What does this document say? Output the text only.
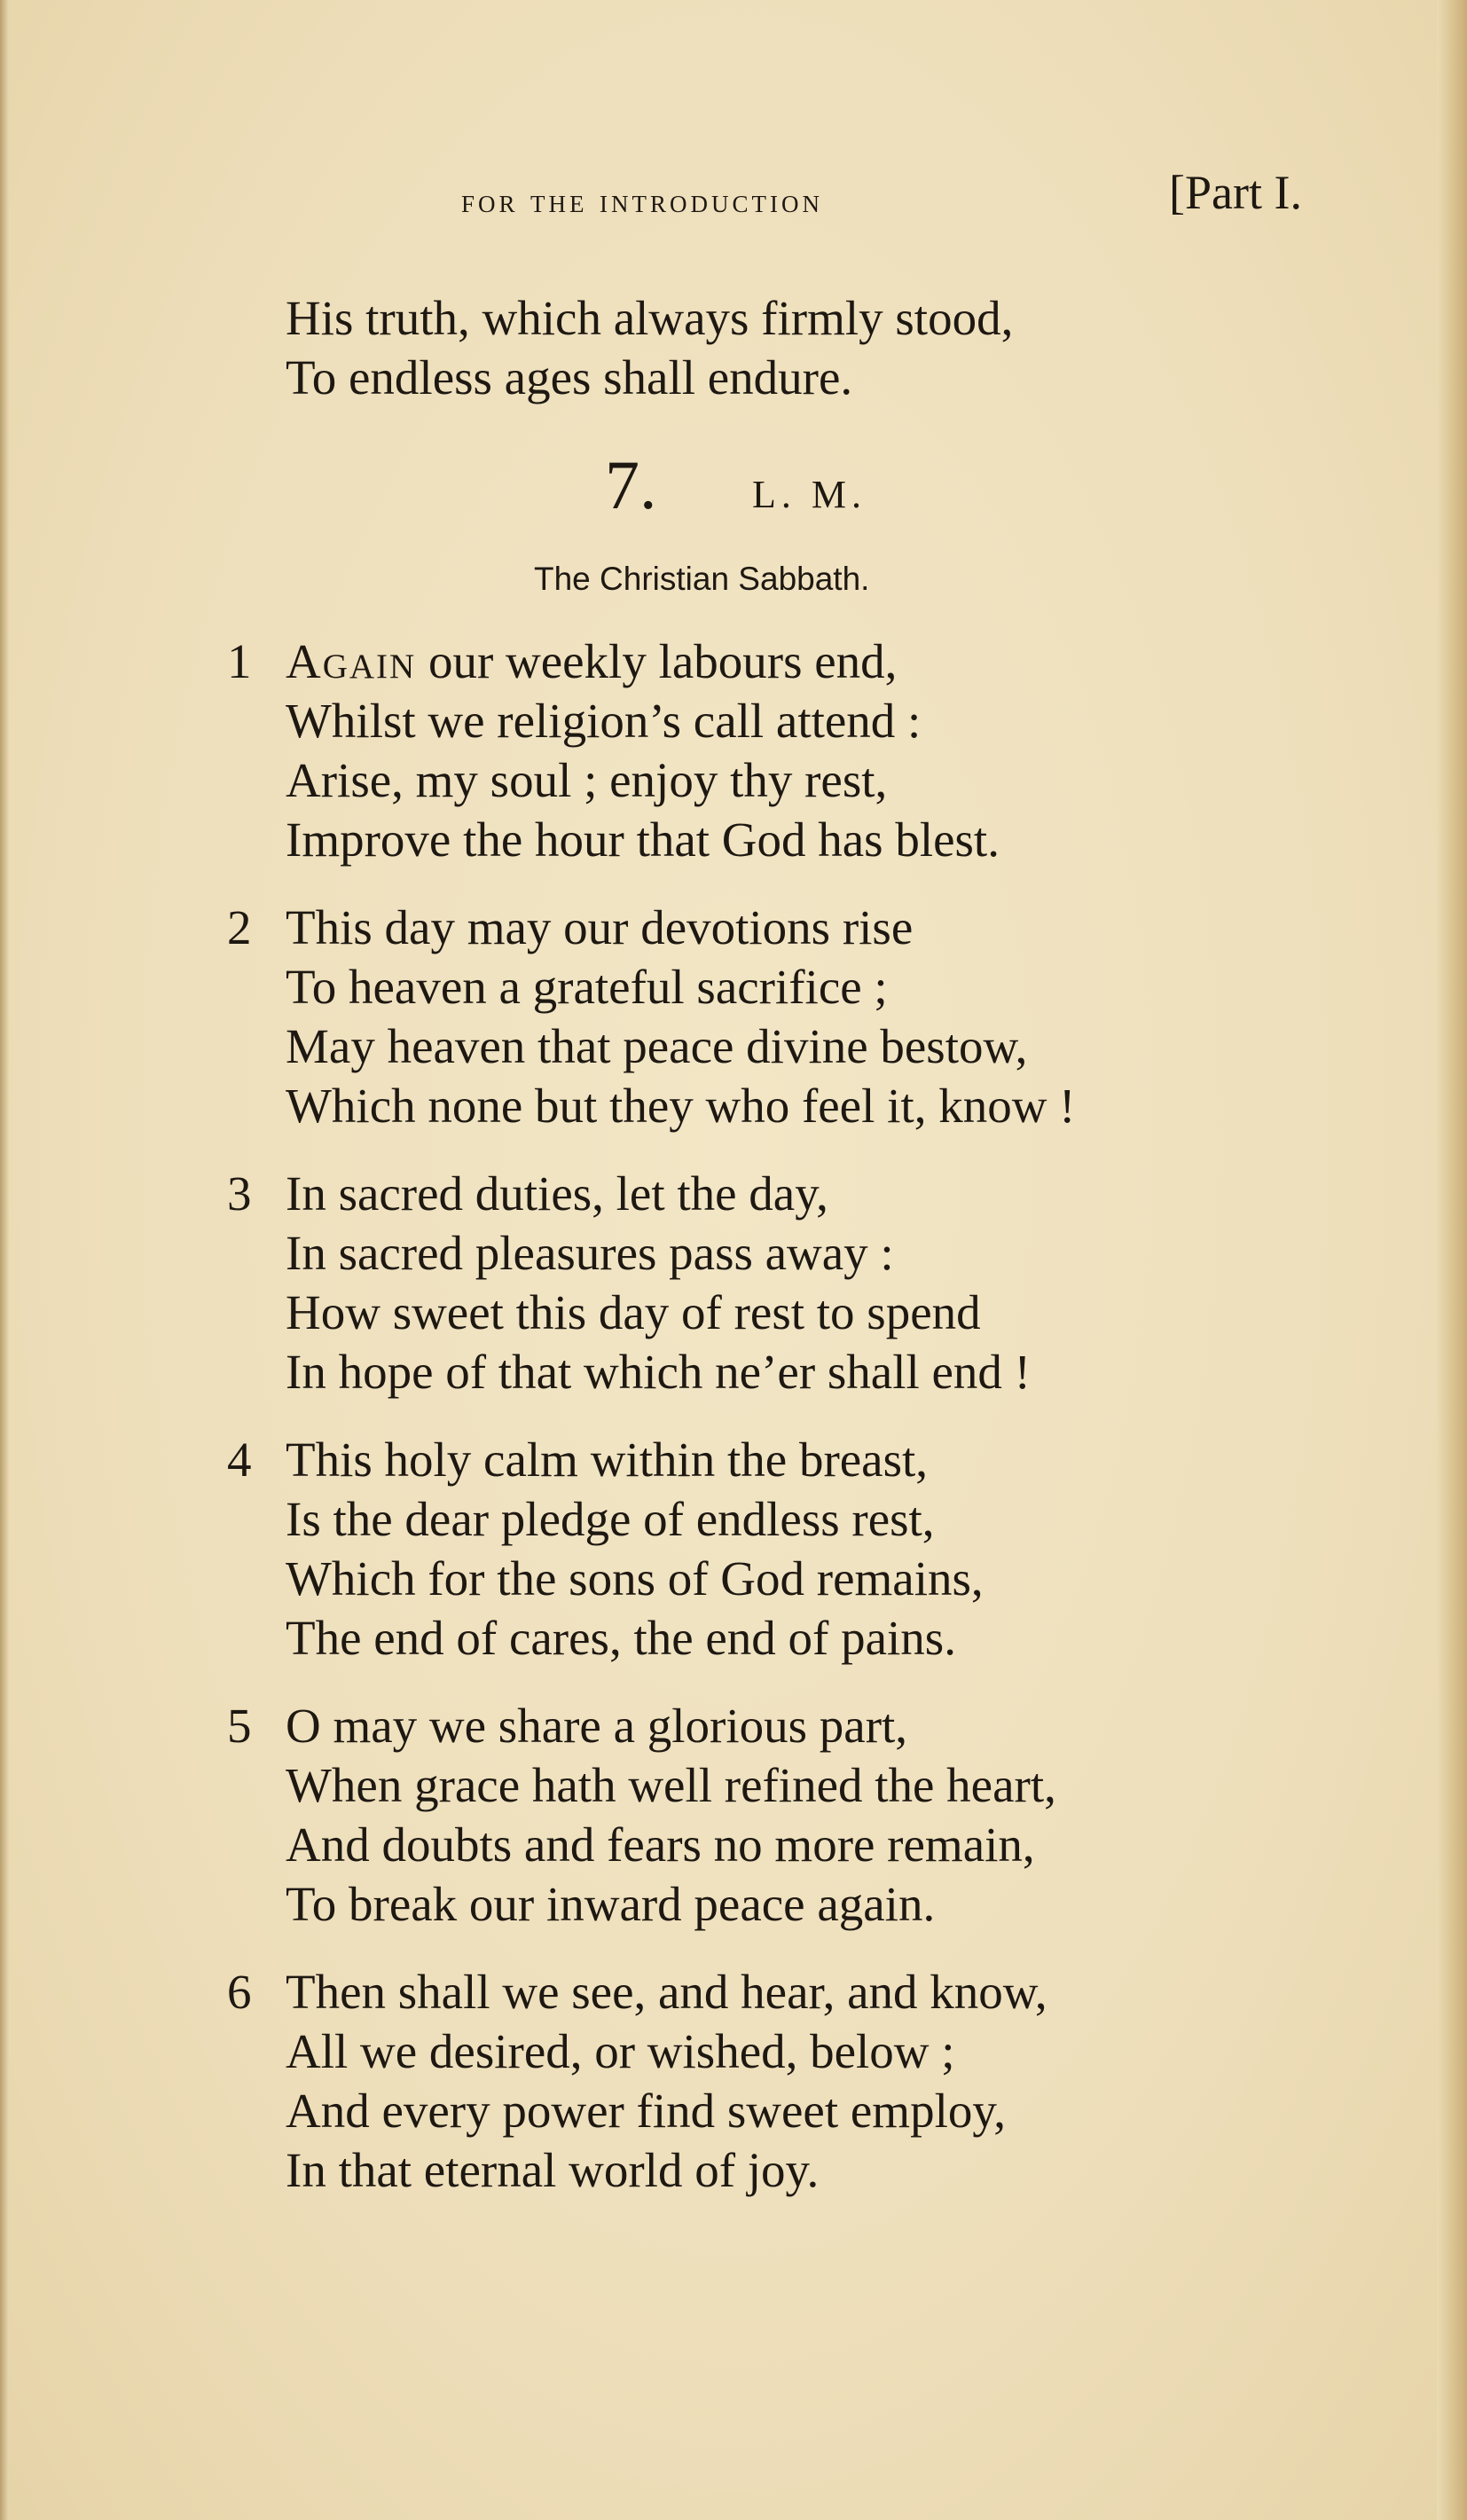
for the introduction	[Part I.
His truth, which always firmly stood,
To endless ages shall endure.
7. L. M.
The Christian Sabbath.
1 Again our weekly labours end,
Whilst we religion’s call attend :
Arise, my soul ; enjoy thy rest,
Improve the hour that God has blest.
2 This day may our devotions rise
To heaven a grateful sacrifice ;
May heaven that peace divine bestow,
Which none but they who feel it, know !
3 In sacred duties, let the day,
In sacred pleasures pass away :
How sweet this day of rest to spend
In hope of that which ne’er shall end !
4 This holy calm within the breast,
Is the dear pledge of endless rest,
Which for the sons of God remains,
The end of cares, the end of pains.
5 O may we share a glorious part,
When grace hath well refined the heart,
And doubts and fears no more remain,
To break our inward peace again.
6 Then shall we see, and hear, and know,
All we desired, or wished, below ;
And every power find sweet employ,
In that eternal world of joy.
